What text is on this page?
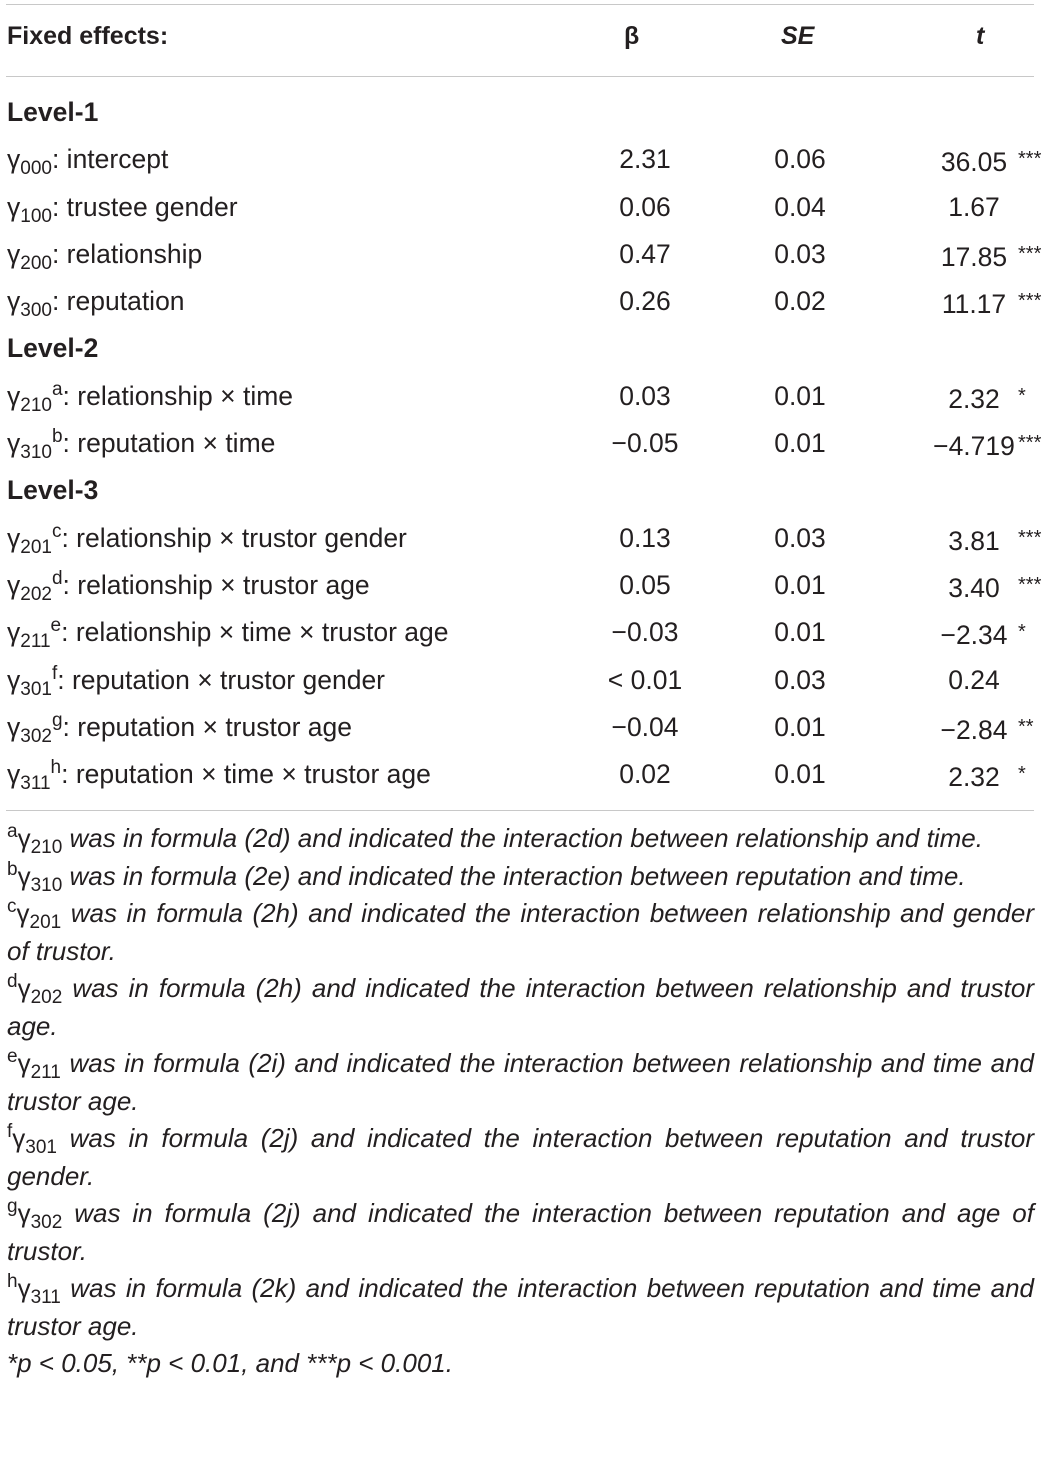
Fixed effects:	β	SE	t
Level-1
$\gamma_{000}$: intercept	2.31	0.06	36.05 ***
$\gamma_{100}$: trustee gender	0.06	0.04	1.67
$\gamma_{200}$: relationship	0.47	0.03	17.85 ***
$\gamma_{300}$: reputation	0.26	0.02	11.17 ***
Level-2
$\gamma_{210}^a$: relationship × time	0.03	0.01	2.32 *
$\gamma_{310}^b$: reputation × time	−0.05	0.01	−4.719 ***
Level-3
$\gamma_{201}^c$: relationship × trustor gender	0.13	0.03	3.81 ***
$\gamma_{202}^d$: relationship × trustor age	0.05	0.01	3.40 ***
$\gamma_{211}^e$: relationship × time × trustor age	−0.03	0.01	−2.34 *
$\gamma_{301}^f$: reputation × trustor gender	< 0.01	0.03	0.24
$\gamma_{302}^g$: reputation × trustor age	−0.04	0.01	−2.84 **
$\gamma_{311}^h$: reputation × time × trustor age	0.02	0.01	2.32 *

$^a\gamma_{210}$ was in formula (2d) and indicated the interaction between relationship and time.

$^b\gamma_{310}$ was in formula (2e) and indicated the interaction between reputation and time.

$^c\gamma_{201}$ was in formula (2h) and indicated the interaction between relationship and gender of trustor.

$^d\gamma_{202}$ was in formula (2h) and indicated the interaction between relationship and trustor age.

$^e\gamma_{211}$ was in formula (2i) and indicated the interaction between relationship and time and trustor age.

$^f\gamma_{301}$ was in formula (2j) and indicated the interaction between reputation and trustor gender.

$^g\gamma_{302}$ was in formula (2j) and indicated the interaction between reputation and age of trustor.

$^h\gamma_{311}$ was in formula (2k) and indicated the interaction between reputation and time and trustor age.

*p < 0.05, **p < 0.01, and ***p < 0.001.
